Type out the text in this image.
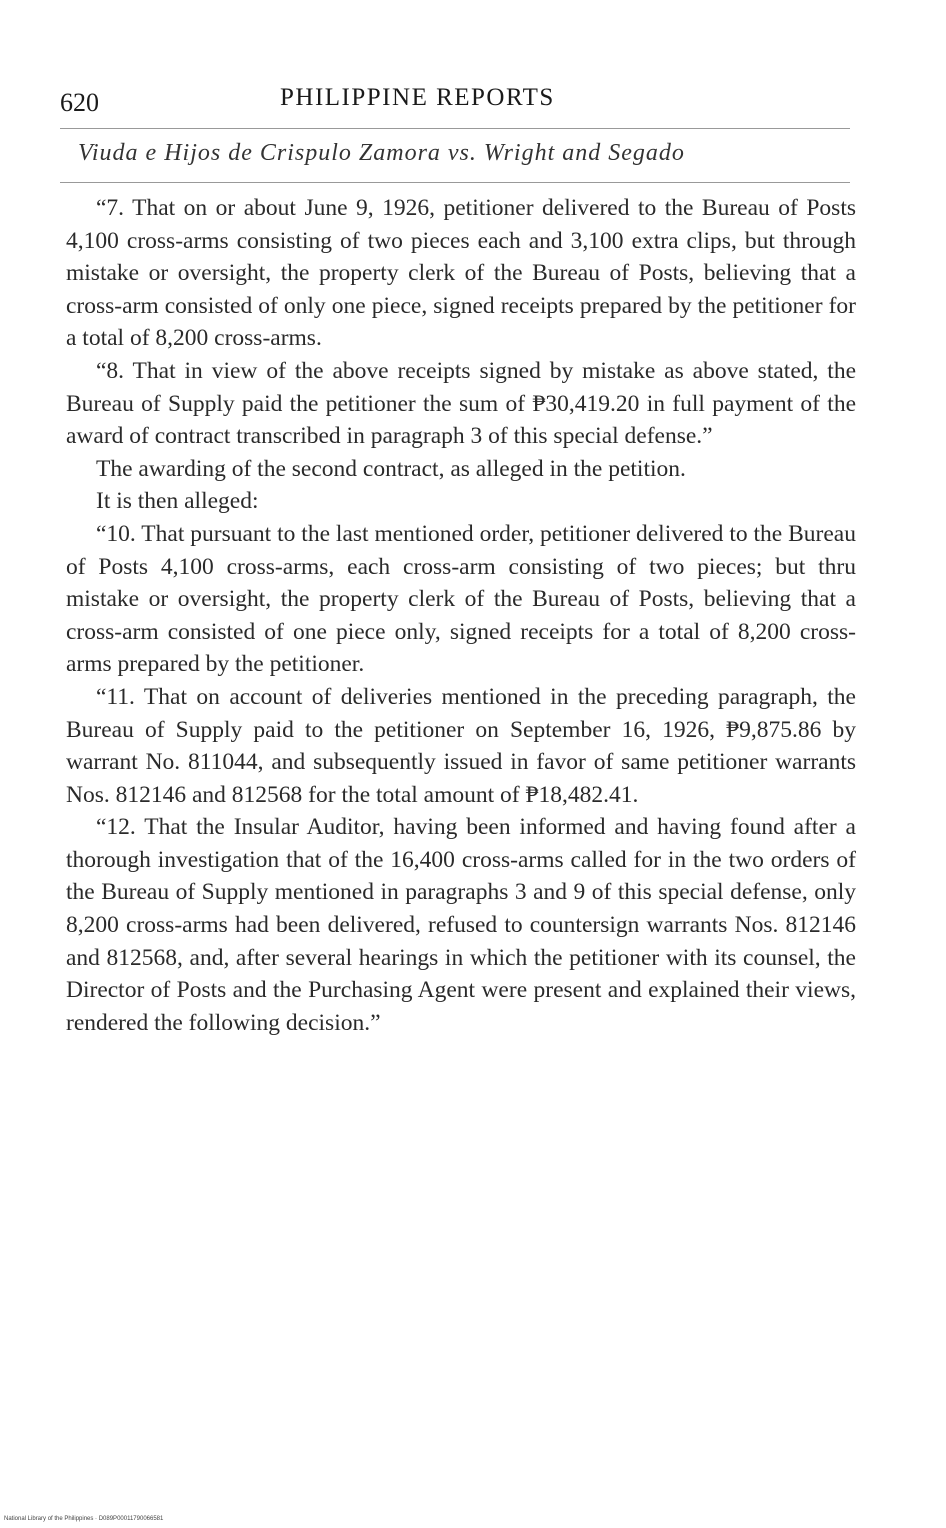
620	PHILIPPINE REPORTS
Viuda e Hijos de Crispulo Zamora vs. Wright and Segado

“7. That on or about June 9, 1926, petitioner delivered to the Bureau of Posts 4,100 cross-arms consisting of two pieces each and 3,100 extra clips, but through mistake or oversight, the property clerk of the Bureau of Posts, believing that a cross-arm consisted of only one piece, signed receipts prepared by the petitioner for a total of 8,200 cross-arms.

“8. That in view of the above receipts signed by mistake as above stated, the Bureau of Supply paid the petitioner the sum of ₱30,419.20 in full payment of the award of contract transcribed in paragraph 3 of this special defense.”

The awarding of the second contract, as alleged in the petition.

It is then alleged:

“10. That pursuant to the last mentioned order, petitioner delivered to the Bureau of Posts 4,100 cross-arms, each cross-arm consisting of two pieces; but thru mistake or oversight, the property clerk of the Bureau of Posts, believing that a cross-arm consisted of one piece only, signed receipts for a total of 8,200 cross-arms prepared by the petitioner.

“11. That on account of deliveries mentioned in the preceding paragraph, the Bureau of Supply paid to the petitioner on September 16, 1926, ₱9,875.86 by warrant No. 811044, and subsequently issued in favor of same petitioner warrants Nos. 812146 and 812568 for the total amount of ₱18,482.41.

“12. That the Insular Auditor, having been informed and having found after a thorough investigation that of the 16,400 cross-arms called for in the two orders of the Bureau of Supply mentioned in paragraphs 3 and 9 of this special defense, only 8,200 cross-arms had been delivered, refused to countersign warrants Nos. 812146 and 812568, and, after several hearings in which the petitioner with its counsel, the Director of Posts and the Purchasing Agent were present and explained their views, rendered the following decision.”

National Library of the Philippines · D089P00011790066581
